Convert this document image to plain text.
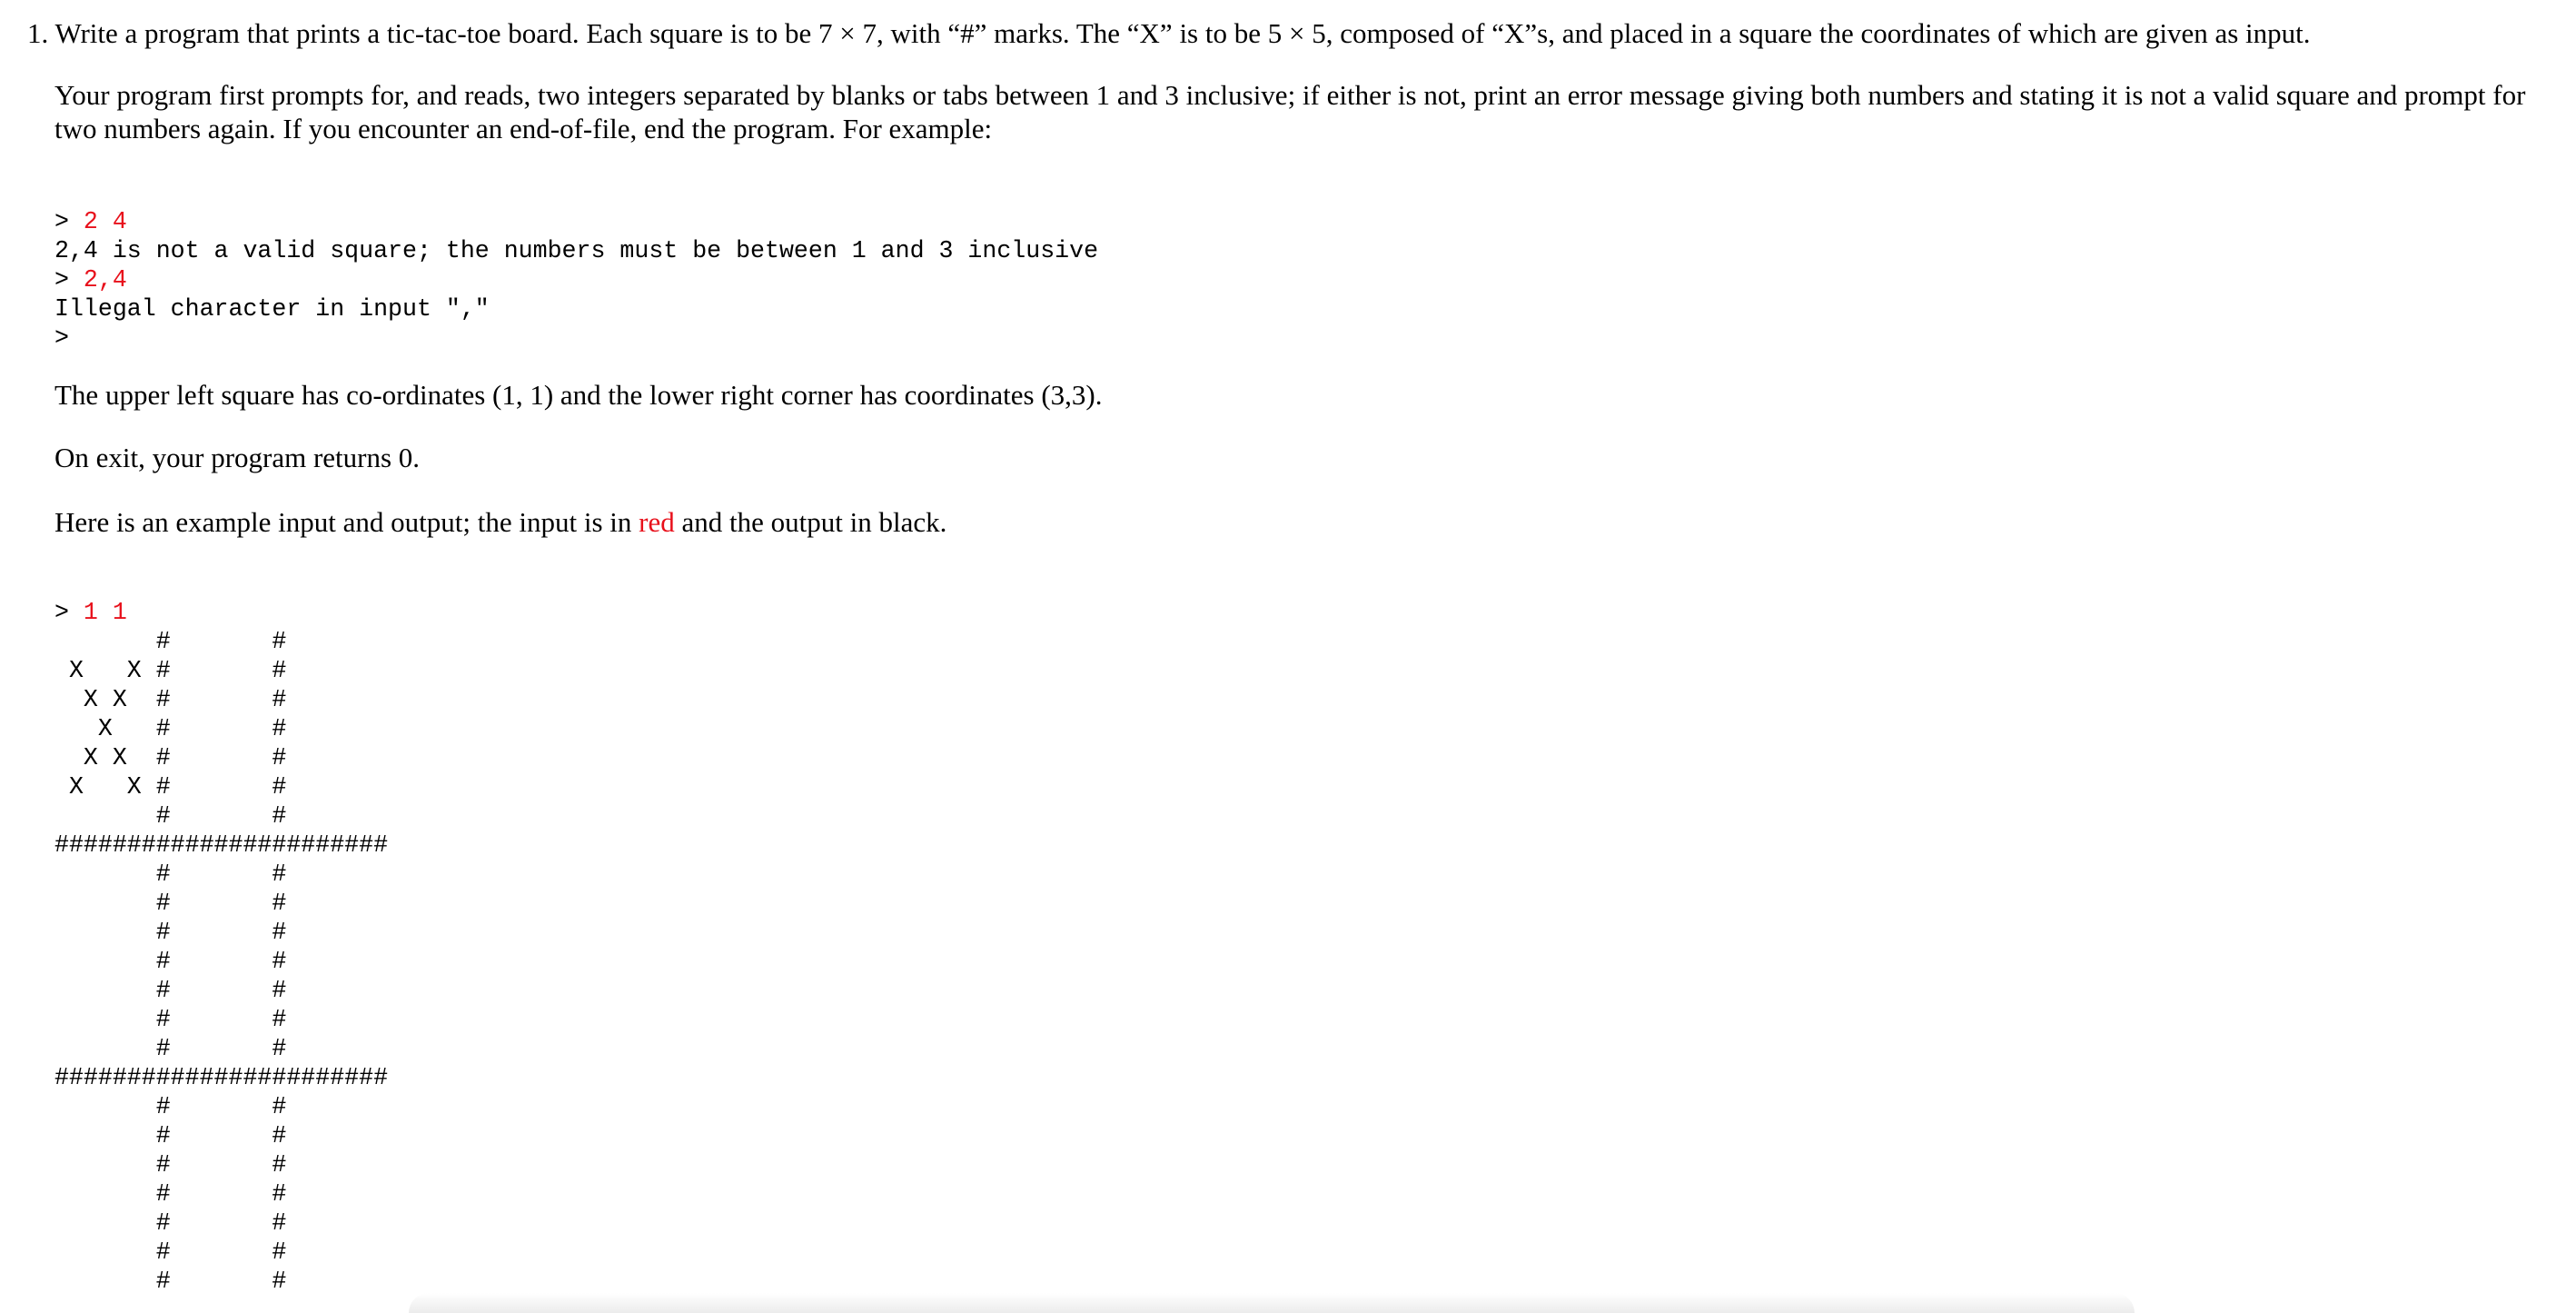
1. Write a program that prints a tic-tac-toe board. Each square is to be 7 × 7, with “#” marks. The “X” is to be 5 × 5, composed of “X”s, and placed in a square the coordinates of which are given as input.
Your program first prompts for, and reads, two integers separated by blanks or tabs between 1 and 3 inclusive; if either is not, print an error message giving both numbers and stating it is not a valid square and prompt for two numbers again. If you encounter an end-of-file, end the program. For example:
> 2 4
2,4 is not a valid square; the numbers must be between 1 and 3 inclusive
> 2,4
Illegal character in input ","
>
The upper left square has co-ordinates (1, 1) and the lower right corner has coordinates (3,3).
On exit, your program returns 0.
Here is an example input and output; the input is in red and the output in black.
> 1 1
#       #
X   X #       #
X X  #       #
X   #       #
X X  #       #
X   X #       #
#       #
#######################
#       #
#       #
#       #
#       #
#       #
#       #
#       #
#######################
#       #
#       #
#       #
#       #
#       #
#       #
#       #
